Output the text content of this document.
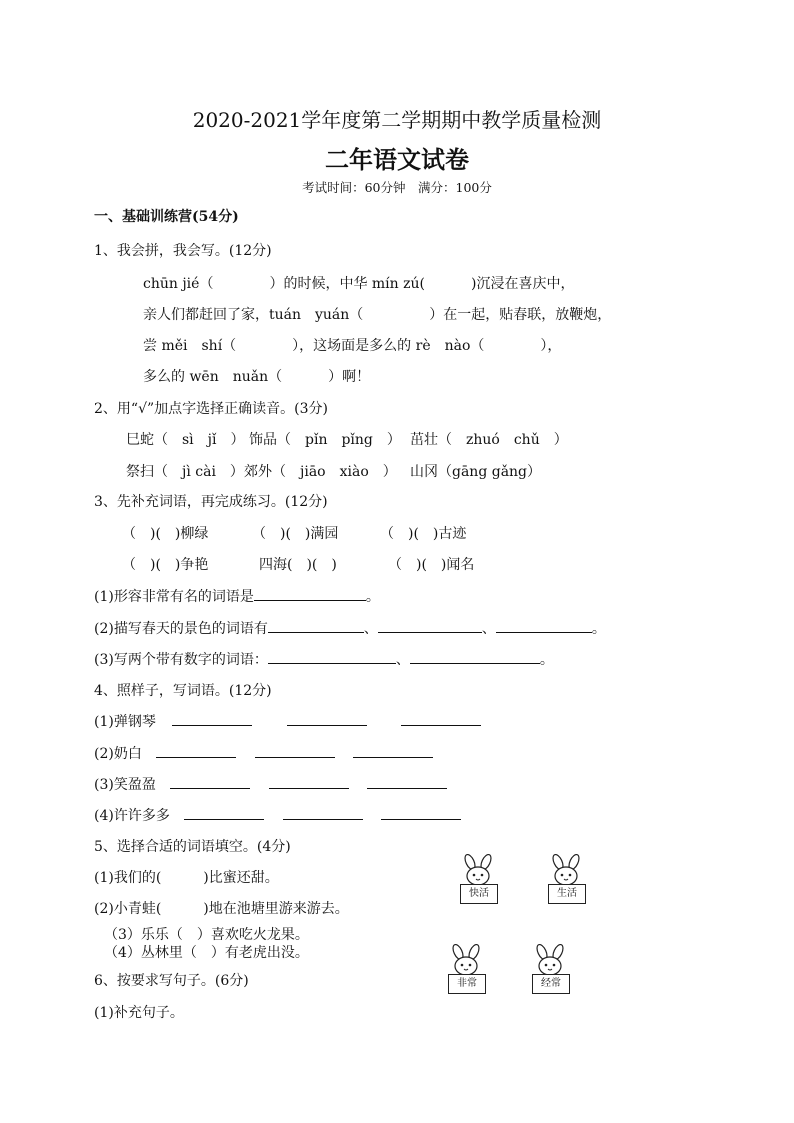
2020-2021学年度第二学期期中教学质量检测
二年语文试卷
考试时间：60分钟　满分：100分
一、基础训练营(54分)
1、我会拼，我会写。(12分)
chūn jié（	）的时候，中华 mín zú(	)沉浸在喜庆中，
亲人们都赶回了家，tuán　yuán（	）在一起，贴春联，放鞭炮，
尝 měi　shí（	），这场面是多么的 rè　nào（	），
多么的 wēn　nuǎn（	）啊！
2、用“√”加点字选择正确读音。(3分)
巳蛇（　sì　jǐ　） 饰品（　pǐn　pǐng　） 茁壮（　zhuó　chǔ　）
祭扫（　jì cài　） 郊外（　jiāo　xiào　） 山冈（gāng gǎng）
3、先补充词语，再完成练习。(12分)
（　)(　)柳绿	（　)(　)满园	（　)(　)古迹
（　)(　)争艳	四海(　)(　)	（　)(　)闻名
(1)形容非常有名的词语是	。
(2)描写春天的景色的词语有	、	、	。
(3)写两个带有数字的词语：	、	。
4、照样子，写词语。(12分)
(1)弹钢琴
(2)奶白
(3)笑盈盈
(4)许许多多
5、选择合适的词语填空。(4分)
(1)我们的(	)比蜜还甜。
(2)小青蛙(	)地在池塘里游来游去。
（3）乐乐（　）喜欢吃火龙果。
（4）丛林里（　）有老虎出没。
快活	生活
非常	经常
6、按要求写句子。(6分)
(1)补充句子。
